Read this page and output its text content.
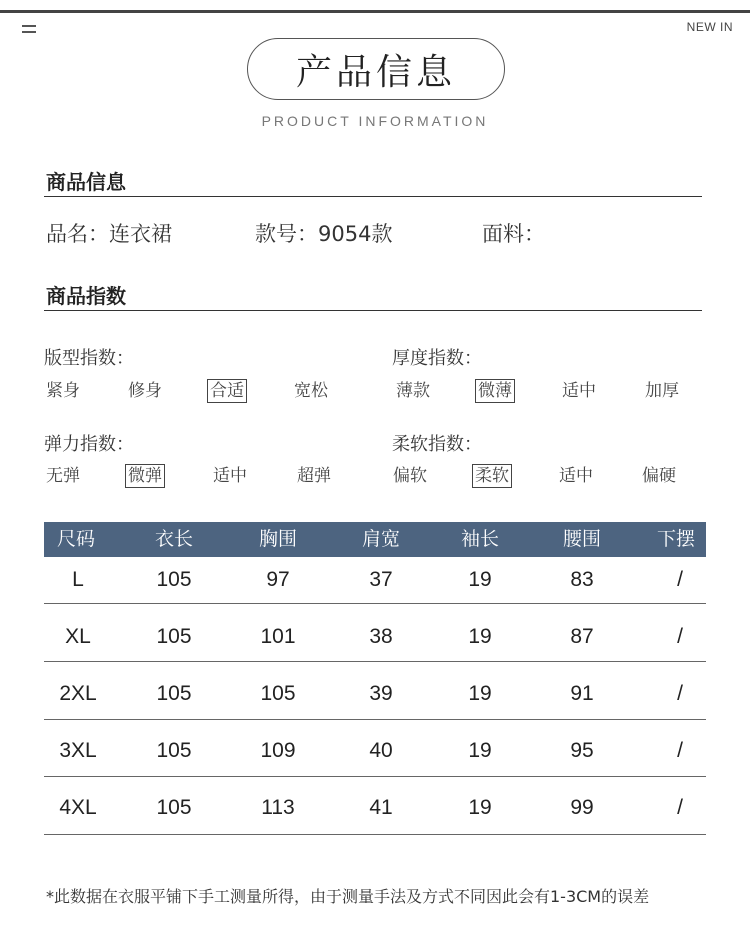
NEW IN
产品信息
PRODUCT INFORMATION
商品信息
品名：连衣裙	款号：9054款	面料：
商品指数
版型指数：
紧身	修身	合适	宽松
厚度指数：
薄款	微薄	适中	加厚
弹力指数：
无弹	微弹	适中	超弹
柔软指数：
偏软	柔软	适中	偏硬
尺码	衣长	胸围	肩宽	袖长	腰围	下摆
L	105	97	37	19	83	/
XL	105	101	38	19	87	/
2XL	105	105	39	19	91	/
3XL	105	109	40	19	95	/
4XL	105	113	41	19	99	/
*此数据在衣服平铺下手工测量所得，由于测量手法及方式不同因此会有1-3CM的误差
